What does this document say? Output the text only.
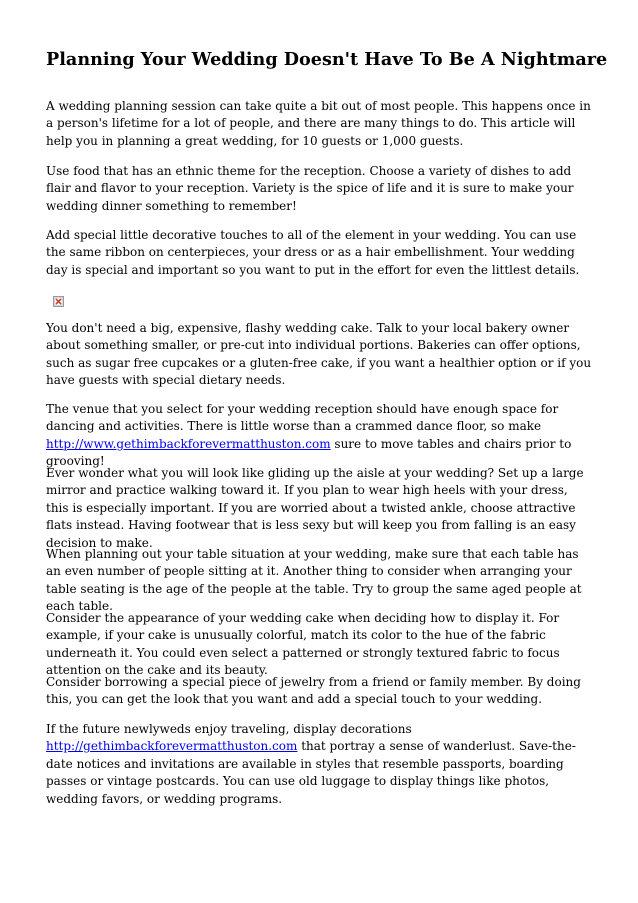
Planning Your Wedding Doesn't Have To Be A Nightmare

A wedding planning session can take quite a bit out of most people. This happens once in a person's lifetime for a lot of people, and there are many things to do. This article will help you in planning a great wedding, for 10 guests or 1,000 guests.

Use food that has an ethnic theme for the reception. Choose a variety of dishes to add flair and flavor to your reception. Variety is the spice of life and it is sure to make your wedding dinner something to remember!

Add special little decorative touches to all of the element in your wedding. You can use the same ribbon on centerpieces, your dress or as a hair embellishment. Your wedding day is special and important so you want to put in the effort for even the littlest details.

You don't need a big, expensive, flashy wedding cake. Talk to your local bakery owner about something smaller, or pre-cut into individual portions. Bakeries can offer options, such as sugar free cupcakes or a gluten-free cake, if you want a healthier option or if you have guests with special dietary needs.

The venue that you select for your wedding reception should have enough space for dancing and activities. There is little worse than a crammed dance floor, so make http://www.gethimbackforevermatthuston.com sure to move tables and chairs prior to grooving!

Ever wonder what you will look like gliding up the aisle at your wedding? Set up a large mirror and practice walking toward it. If you plan to wear high heels with your dress, this is especially important. If you are worried about a twisted ankle, choose attractive flats instead. Having footwear that is less sexy but will keep you from falling is an easy decision to make.

When planning out your table situation at your wedding, make sure that each table has an even number of people sitting at it. Another thing to consider when arranging your table seating is the age of the people at the table. Try to group the same aged people at each table.

Consider the appearance of your wedding cake when deciding how to display it. For example, if your cake is unusually colorful, match its color to the hue of the fabric underneath it. You could even select a patterned or strongly textured fabric to focus attention on the cake and its beauty.

Consider borrowing a special piece of jewelry from a friend or family member. By doing this, you can get the look that you want and add a special touch to your wedding.

If the future newlyweds enjoy traveling, display decorations http://gethimbackforevermatthuston.com that portray a sense of wanderlust. Save-the-date notices and invitations are available in styles that resemble passports, boarding passes or vintage postcards. You can use old luggage to display things like photos, wedding favors, or wedding programs.
